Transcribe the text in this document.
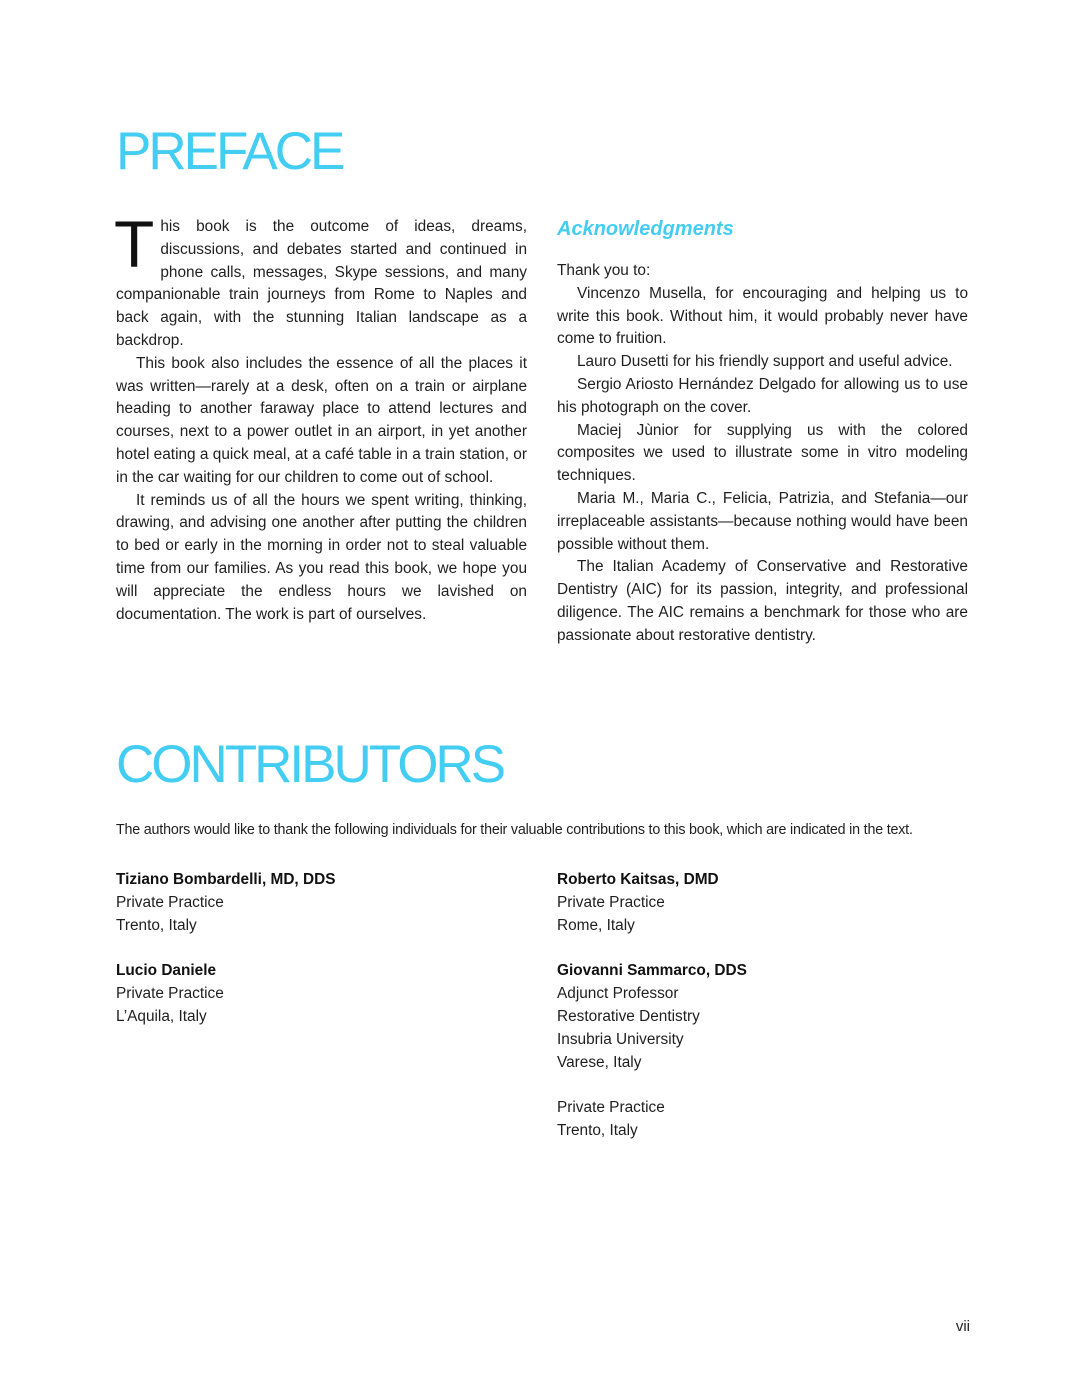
PREFACE

This book is the outcome of ideas, dreams, discussions, and debates started and continued in phone calls, messages, Skype sessions, and many companionable train journeys from Rome to Naples and back again, with the stunning Italian landscape as a backdrop.

This book also includes the essence of all the places it was written—rarely at a desk, often on a train or airplane heading to another faraway place to attend lectures and courses, next to a power outlet in an airport, in yet another hotel eating a quick meal, at a café table in a train station, or in the car waiting for our children to come out of school.

It reminds us of all the hours we spent writing, thinking, drawing, and advising one another after putting the children to bed or early in the morning in order not to steal valuable time from our families. As you read this book, we hope you will appreciate the endless hours we lavished on documentation. The work is part of ourselves.

Acknowledgments

Thank you to:

Vincenzo Musella, for encouraging and helping us to write this book. Without him, it would probably never have come to fruition.

Lauro Dusetti for his friendly support and useful advice.

Sergio Ariosto Hernández Delgado for allowing us to use his photograph on the cover.

Maciej Jùnior for supplying us with the colored composites we used to illustrate some in vitro modeling techniques.

Maria M., Maria C., Felicia, Patrizia, and Stefania—our irreplaceable assistants—because nothing would have been possible without them.

The Italian Academy of Conservative and Restorative Dentistry (AIC) for its passion, integrity, and professional diligence. The AIC remains a benchmark for those who are passionate about restorative dentistry.

CONTRIBUTORS

The authors would like to thank the following individuals for their valuable contributions to this book, which are indicated in the text.

Tiziano Bombardelli, MD, DDS
Private Practice
Trento, Italy
Lucio Daniele
Private Practice
L’Aquila, Italy
Roberto Kaitsas, DMD
Private Practice
Rome, Italy
Giovanni Sammarco, DDS
Adjunct Professor
Restorative Dentistry
Insubria University
Varese, Italy
Private Practice
Trento, Italy
vii
